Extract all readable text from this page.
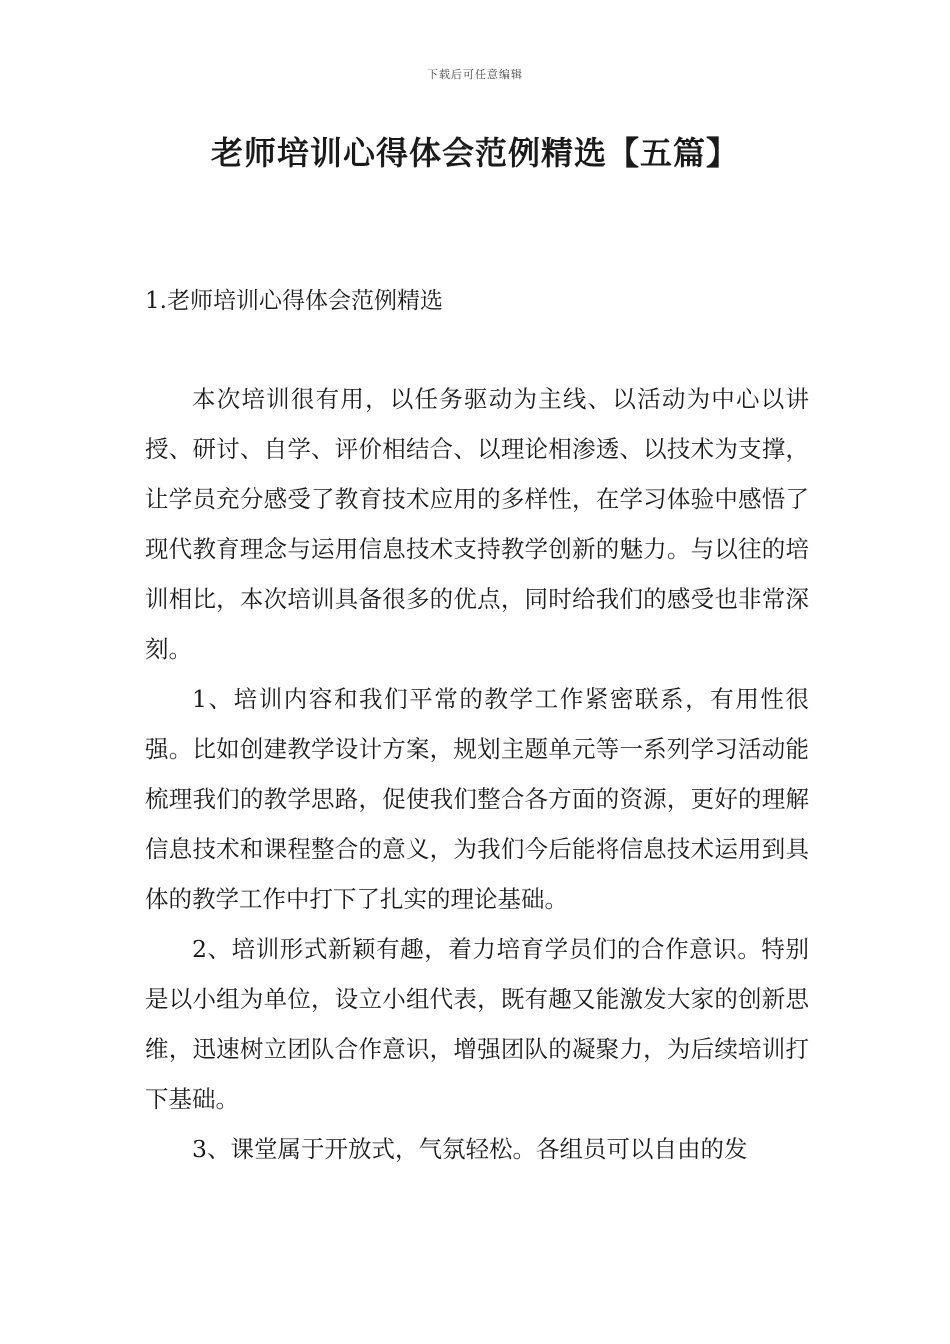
下载后可任意编辑
老师培训心得体会范例精选【五篇】
1.老师培训心得体会范例精选

本次培训很有用，以任务驱动为主线、以活动为中心以讲授、研讨、自学、评价相结合、以理论相渗透、以技术为支撑，让学员充分感受了教育技术应用的多样性，在学习体验中感悟了现代教育理念与运用信息技术支持教学创新的魅力。与以往的培训相比，本次培训具备很多的优点，同时给我们的感受也非常深刻。

1、培训内容和我们平常的教学工作紧密联系，有用性很强。比如创建教学设计方案，规划主题单元等一系列学习活动能梳理我们的教学思路，促使我们整合各方面的资源，更好的理解信息技术和课程整合的意义，为我们今后能将信息技术运用到具体的教学工作中打下了扎实的理论基础。

2、培训形式新颖有趣，着力培育学员们的合作意识。特别是以小组为单位，设立小组代表，既有趣又能激发大家的创新思维，迅速树立团队合作意识，增强团队的凝聚力，为后续培训打下基础。

3、课堂属于开放式，气氛轻松。各组员可以自由的发
